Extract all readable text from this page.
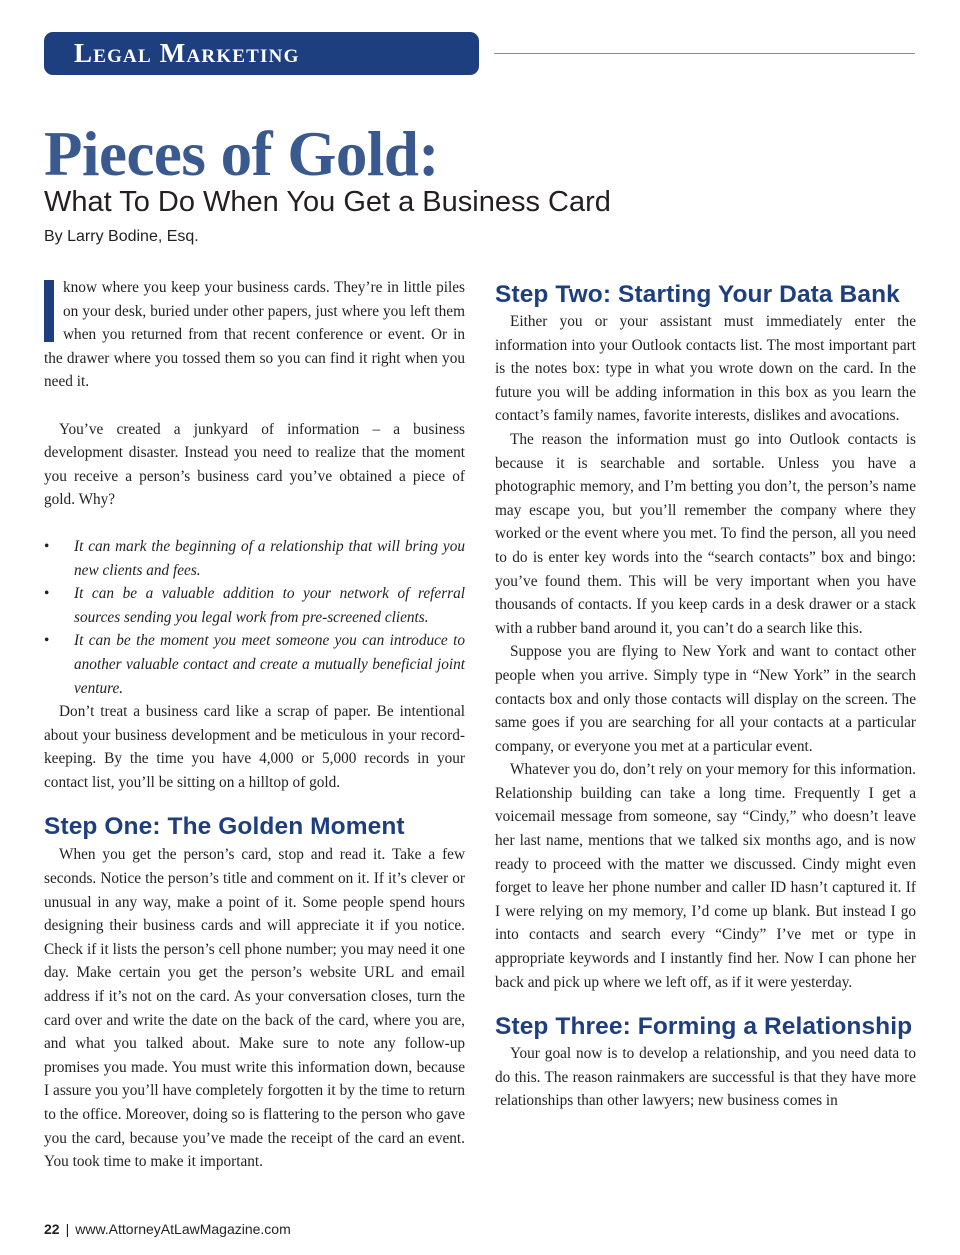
Legal Marketing
Pieces of Gold:
What To Do When You Get a Business Card
By Larry Bodine, Esq.

know where you keep your business cards. They’re in little piles on your desk, buried under other papers, just where you left them when you returned from that recent conference or event. Or in the drawer where you tossed them so you can find it right when you need it.

You’ve created a junkyard of information – a business development disaster. Instead you need to realize that the moment you receive a person’s business card you’ve obtained a piece of gold. Why?

• It can mark the beginning of a relationship that will bring you new clients and fees.
• It can be a valuable addition to your network of referral sources sending you legal work from pre-screened clients.
• It can be the moment you meet someone you can introduce to another valuable contact and create a mutually beneficial joint venture.

Don’t treat a business card like a scrap of paper. Be intentional about your business development and be meticulous in your record-keeping. By the time you have 4,000 or 5,000 records in your contact list, you’ll be sitting on a hilltop of gold.

Step One: The Golden Moment

When you get the person’s card, stop and read it. Take a few seconds. Notice the person’s title and comment on it. If it’s clever or unusual in any way, make a point of it. Some people spend hours designing their business cards and will appreciate it if you notice. Check if it lists the person’s cell phone number; you may need it one day. Make certain you get the person’s website URL and email address if it’s not on the card. As your conversation closes, turn the card over and write the date on the back of the card, where you are, and what you talked about. Make sure to note any follow-up promises you made. You must write this information down, because I assure you you’ll have completely forgotten it by the time to return to the office. Moreover, doing so is flattering to the person who gave you the card, because you’ve made the receipt of the card an event. You took time to make it important.

Step Two: Starting Your Data Bank

Either you or your assistant must immediately enter the information into your Outlook contacts list. The most important part is the notes box: type in what you wrote down on the card. In the future you will be adding information in this box as you learn the contact’s family names, favorite interests, dislikes and avocations.

The reason the information must go into Outlook contacts is because it is searchable and sortable. Unless you have a photographic memory, and I’m betting you don’t, the person’s name may escape you, but you’ll remember the company where they worked or the event where you met. To find the person, all you need to do is enter key words into the “search contacts” box and bingo: you’ve found them. This will be very important when you have thousands of contacts. If you keep cards in a desk drawer or a stack with a rubber band around it, you can’t do a search like this.

Suppose you are flying to New York and want to contact other people when you arrive. Simply type in “New York” in the search contacts box and only those contacts will display on the screen. The same goes if you are searching for all your contacts at a particular company, or everyone you met at a particular event.

Whatever you do, don’t rely on your memory for this information. Relationship building can take a long time. Frequently I get a voicemail message from someone, say “Cindy,” who doesn’t leave her last name, mentions that we talked six months ago, and is now ready to proceed with the matter we discussed. Cindy might even forget to leave her phone number and caller ID hasn’t captured it. If I were relying on my memory, I’d come up blank. But instead I go into contacts and search every “Cindy” I’ve met or type in appropriate keywords and I instantly find her. Now I can phone her back and pick up where we left off, as if it were yesterday.

Step Three: Forming a Relationship

Your goal now is to develop a relationship, and you need data to do this. The reason rainmakers are successful is that they have more relationships than other lawyers; new business comes in

22 | www.AttorneyAtLawMagazine.com
